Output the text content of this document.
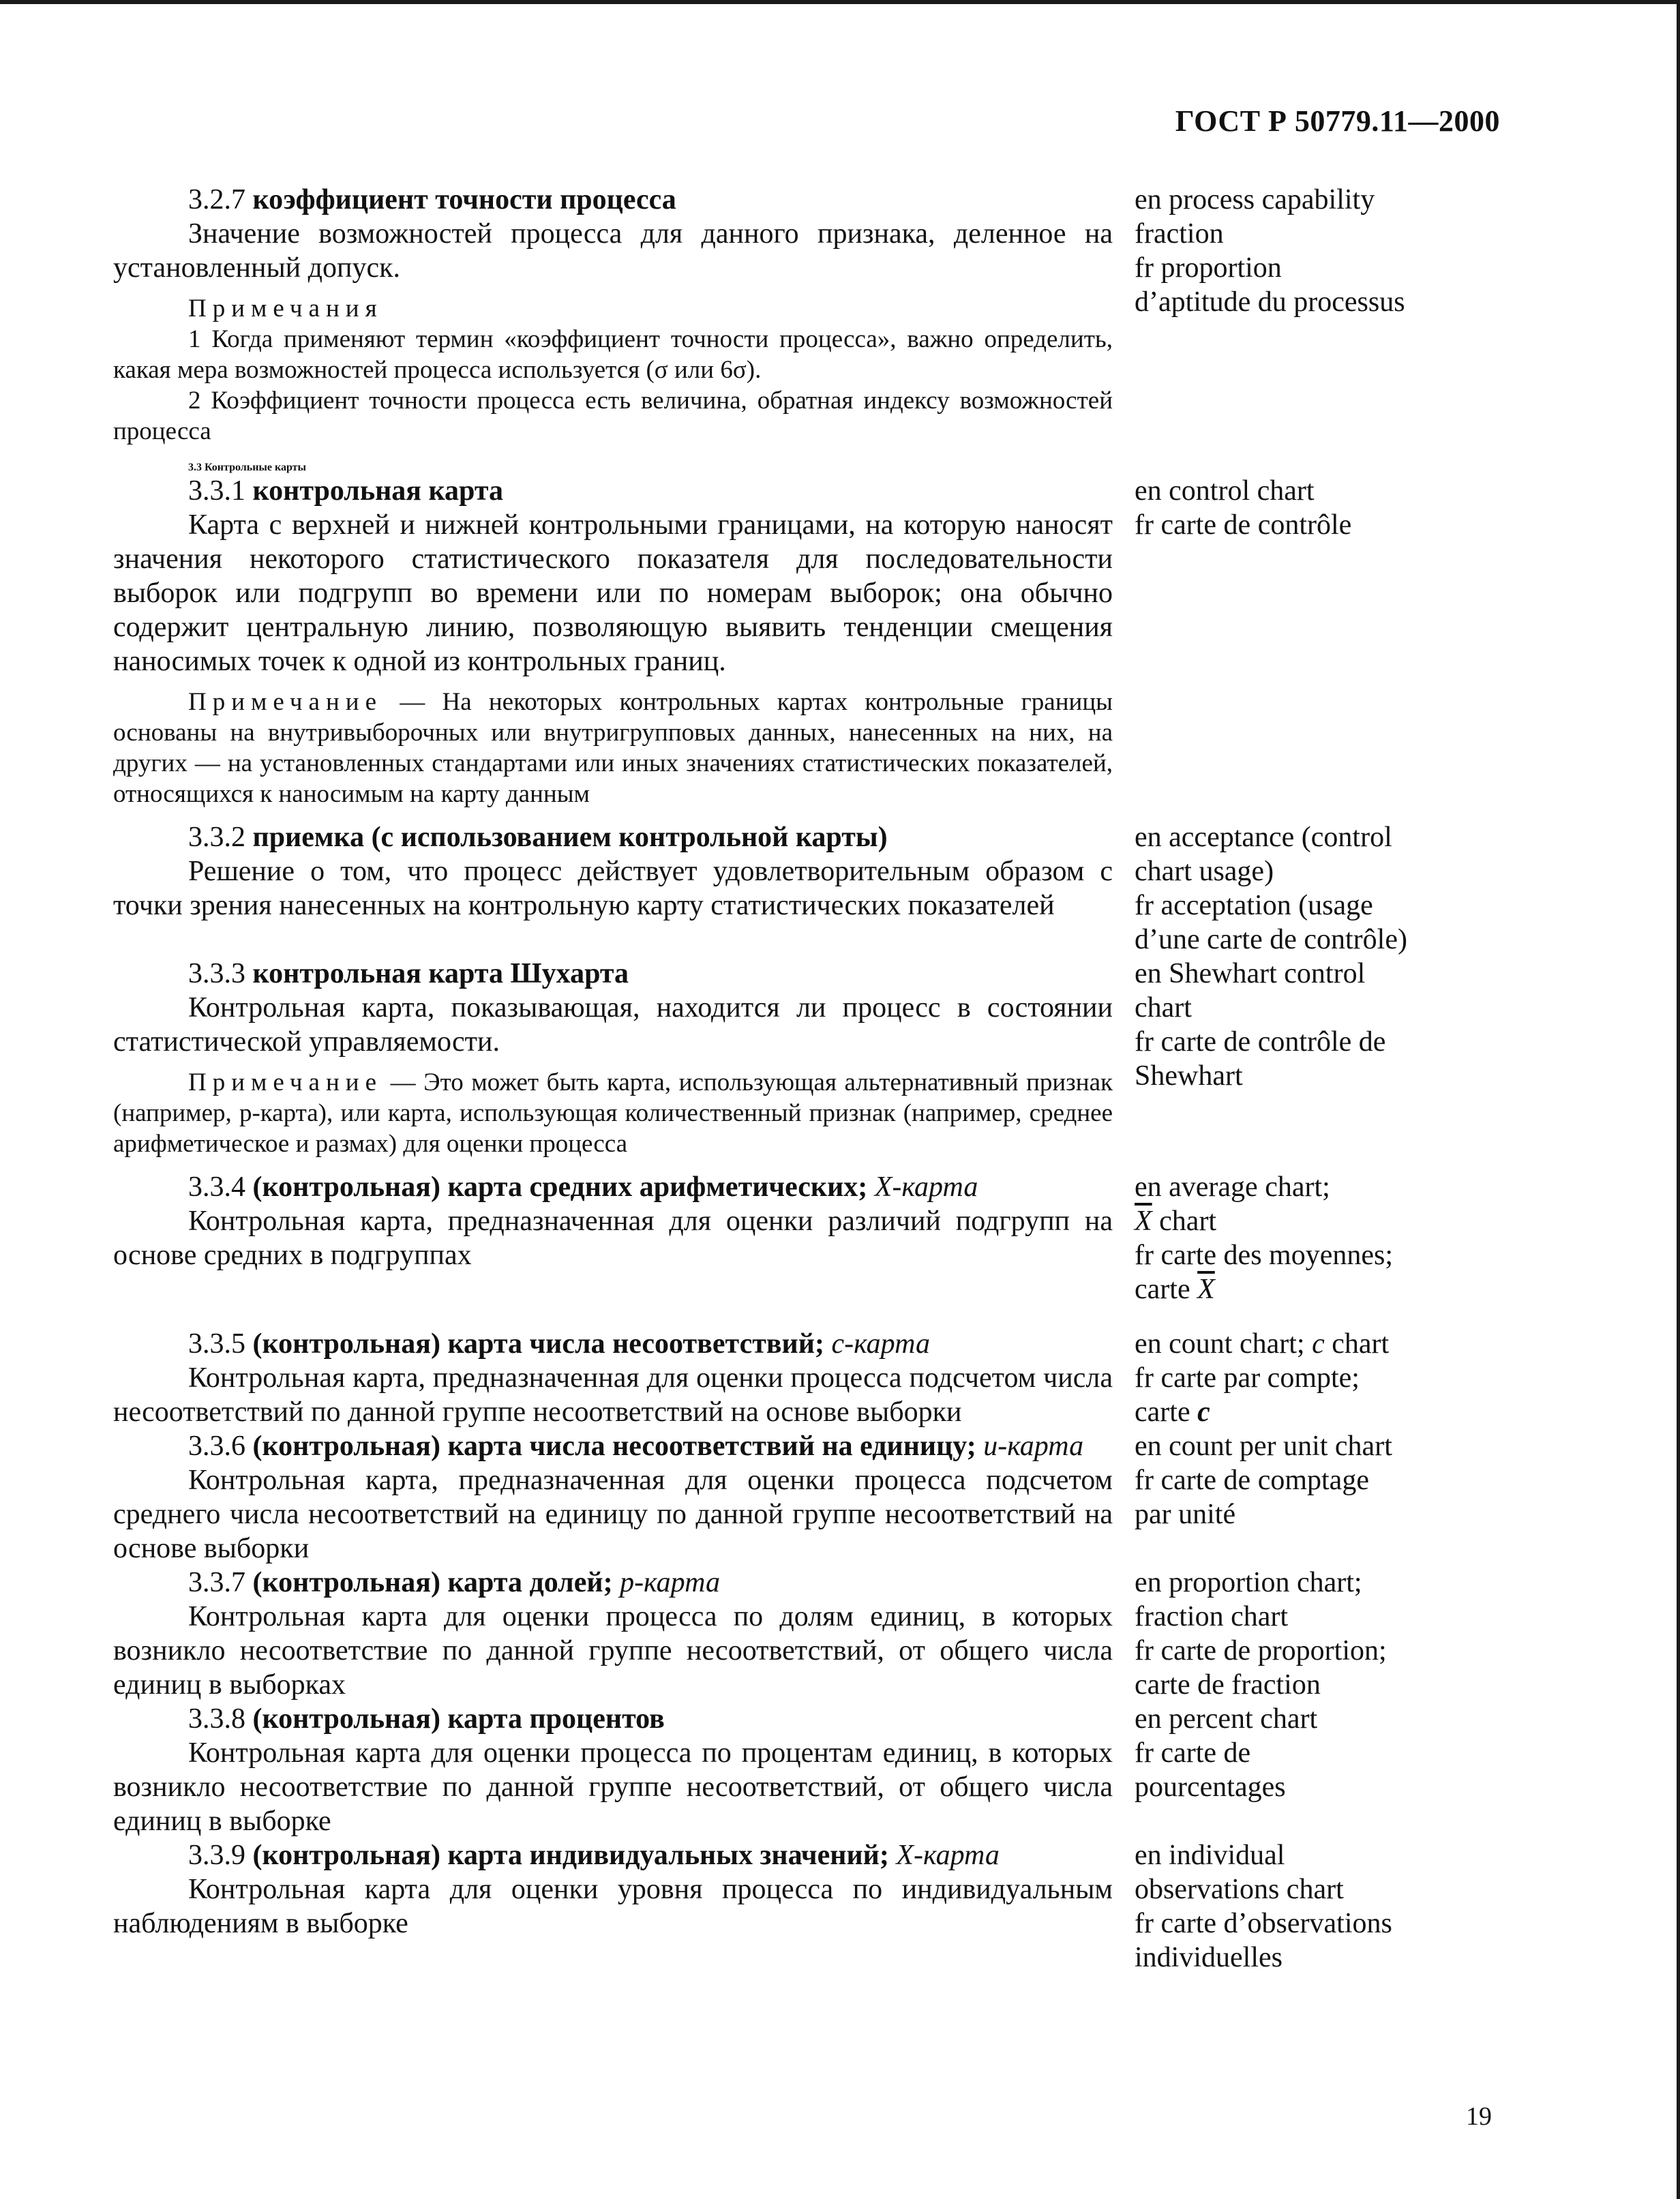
ГОСТ Р 50779.11—2000
3.2.7 коэффициент точности процесса
Значение возможностей процесса для данного признака, деленное на установленный допуск.
Примечания
1 Когда применяют термин «коэффициент точности процесса», важно определить, какая мера возможностей процесса используется (σ или 6σ).
2 Коэффициент точности процесса есть величина, обратная индексу возможностей процесса
en process capability
fraction
fr proportion
d’aptitude du processus
3.3 Контрольные карты
3.3.1 контрольная карта
Карта с верхней и нижней контрольными границами, на которую наносят значения некоторого статистического показателя для последовательности выборок или подгрупп во времени или по номерам выборок; она обычно содержит центральную линию, позволяющую выявить тенденции смещения наносимых точек к одной из контрольных границ.
Примечание — На некоторых контрольных картах контрольные границы основаны на внутривыборочных или внутригрупповых данных, нанесенных на них, на других — на установленных стандартами или иных значениях статистических показателей, относящихся к наносимым на карту данным
en control chart
fr carte de contrôle
3.3.2 приемка (с использованием контрольной карты)
Решение о том, что процесс действует удовлетворительным образом с точки зрения нанесенных на контрольную карту статистических показателей
en acceptance (control
chart usage)
fr acceptation (usage
d’une carte de contrôle)
3.3.3 контрольная карта Шухарта
Контрольная карта, показывающая, находится ли процесс в состоянии статистической управляемости.
Примечание — Это может быть карта, использующая альтернативный признак (например, p-карта), или карта, использующая количественный признак (например, среднее арифметическое и размах) для оценки процесса
en Shewhart control
chart
fr carte de contrôle de
Shewhart
3.3.4 (контрольная) карта средних арифметических; X-карта
Контрольная карта, предназначенная для оценки различий подгрупп на основе средних в подгруппах
en average chart;
$\overline{X}$ chart
fr carte des moyennes;
carte $\overline{X}$
3.3.5 (контрольная) карта числа несоответствий; c-карта
Контрольная карта, предназначенная для оценки процесса подсчетом числа несоответствий по данной группе несоответствий на основе выборки
en count chart; c chart
fr carte par compte;
carte c
3.3.6 (контрольная) карта числа несоответствий на единицу; u-карта
Контрольная карта, предназначенная для оценки процесса подсчетом среднего числа несоответствий на единицу по данной группе несоответствий на основе выборки
en count per unit chart
fr carte de comptage
par unité
3.3.7 (контрольная) карта долей; p-карта
Контрольная карта для оценки процесса по долям единиц, в которых возникло несоответствие по данной группе несоответствий, от общего числа единиц в выборках
en proportion chart;
fraction chart
fr carte de proportion;
carte de fraction
3.3.8 (контрольная) карта процентов
Контрольная карта для оценки процесса по процентам единиц, в которых возникло несоответствие по данной группе несоответствий, от общего числа единиц в выборке
en percent chart
fr carte de
pourcentages
3.3.9 (контрольная) карта индивидуальных значений; X-карта
Контрольная карта для оценки уровня процесса по индивидуальным наблюдениям в выборке
en individual
observations chart
fr carte d’observations
individuelles
19
